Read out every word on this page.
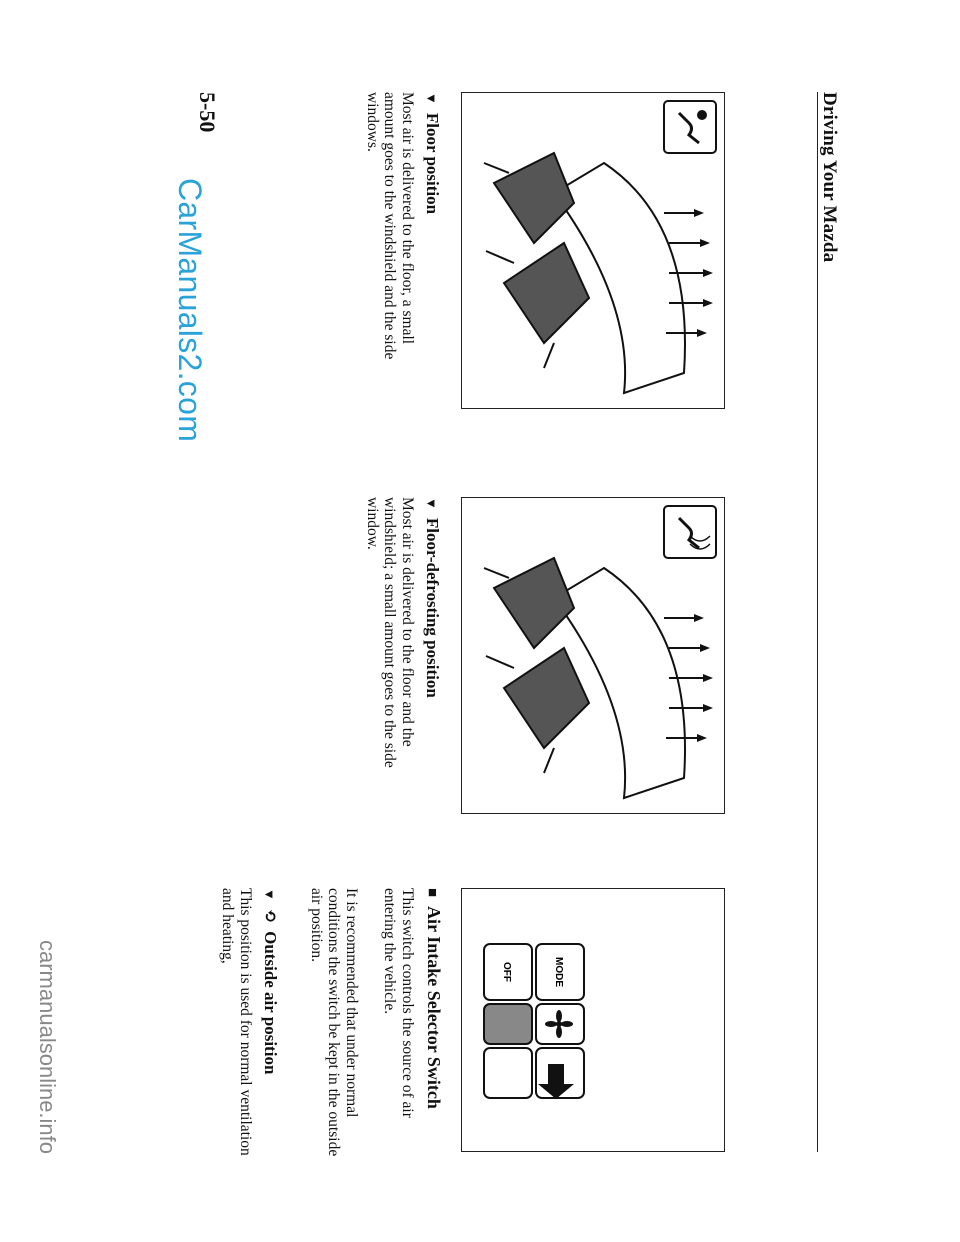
Driving Your Mazda
▼Floor position
Most air is delivered to the floor, a small amount goes to the windshield and the side windows.
▼Floor-defrosting position
Most air is delivered to the floor and the windshield; a small amount goes to the side window.
MODE
OFF
■Air Intake Selector Switch
This switch controls the source of air entering the vehicle.
It is recommended that under normal conditions the switch be kept in the outside air position.
▼⟲Outside air position
This position is used for normal ventilation and heating,
5-50
CarManuals2.com
carmanualsonline.info
